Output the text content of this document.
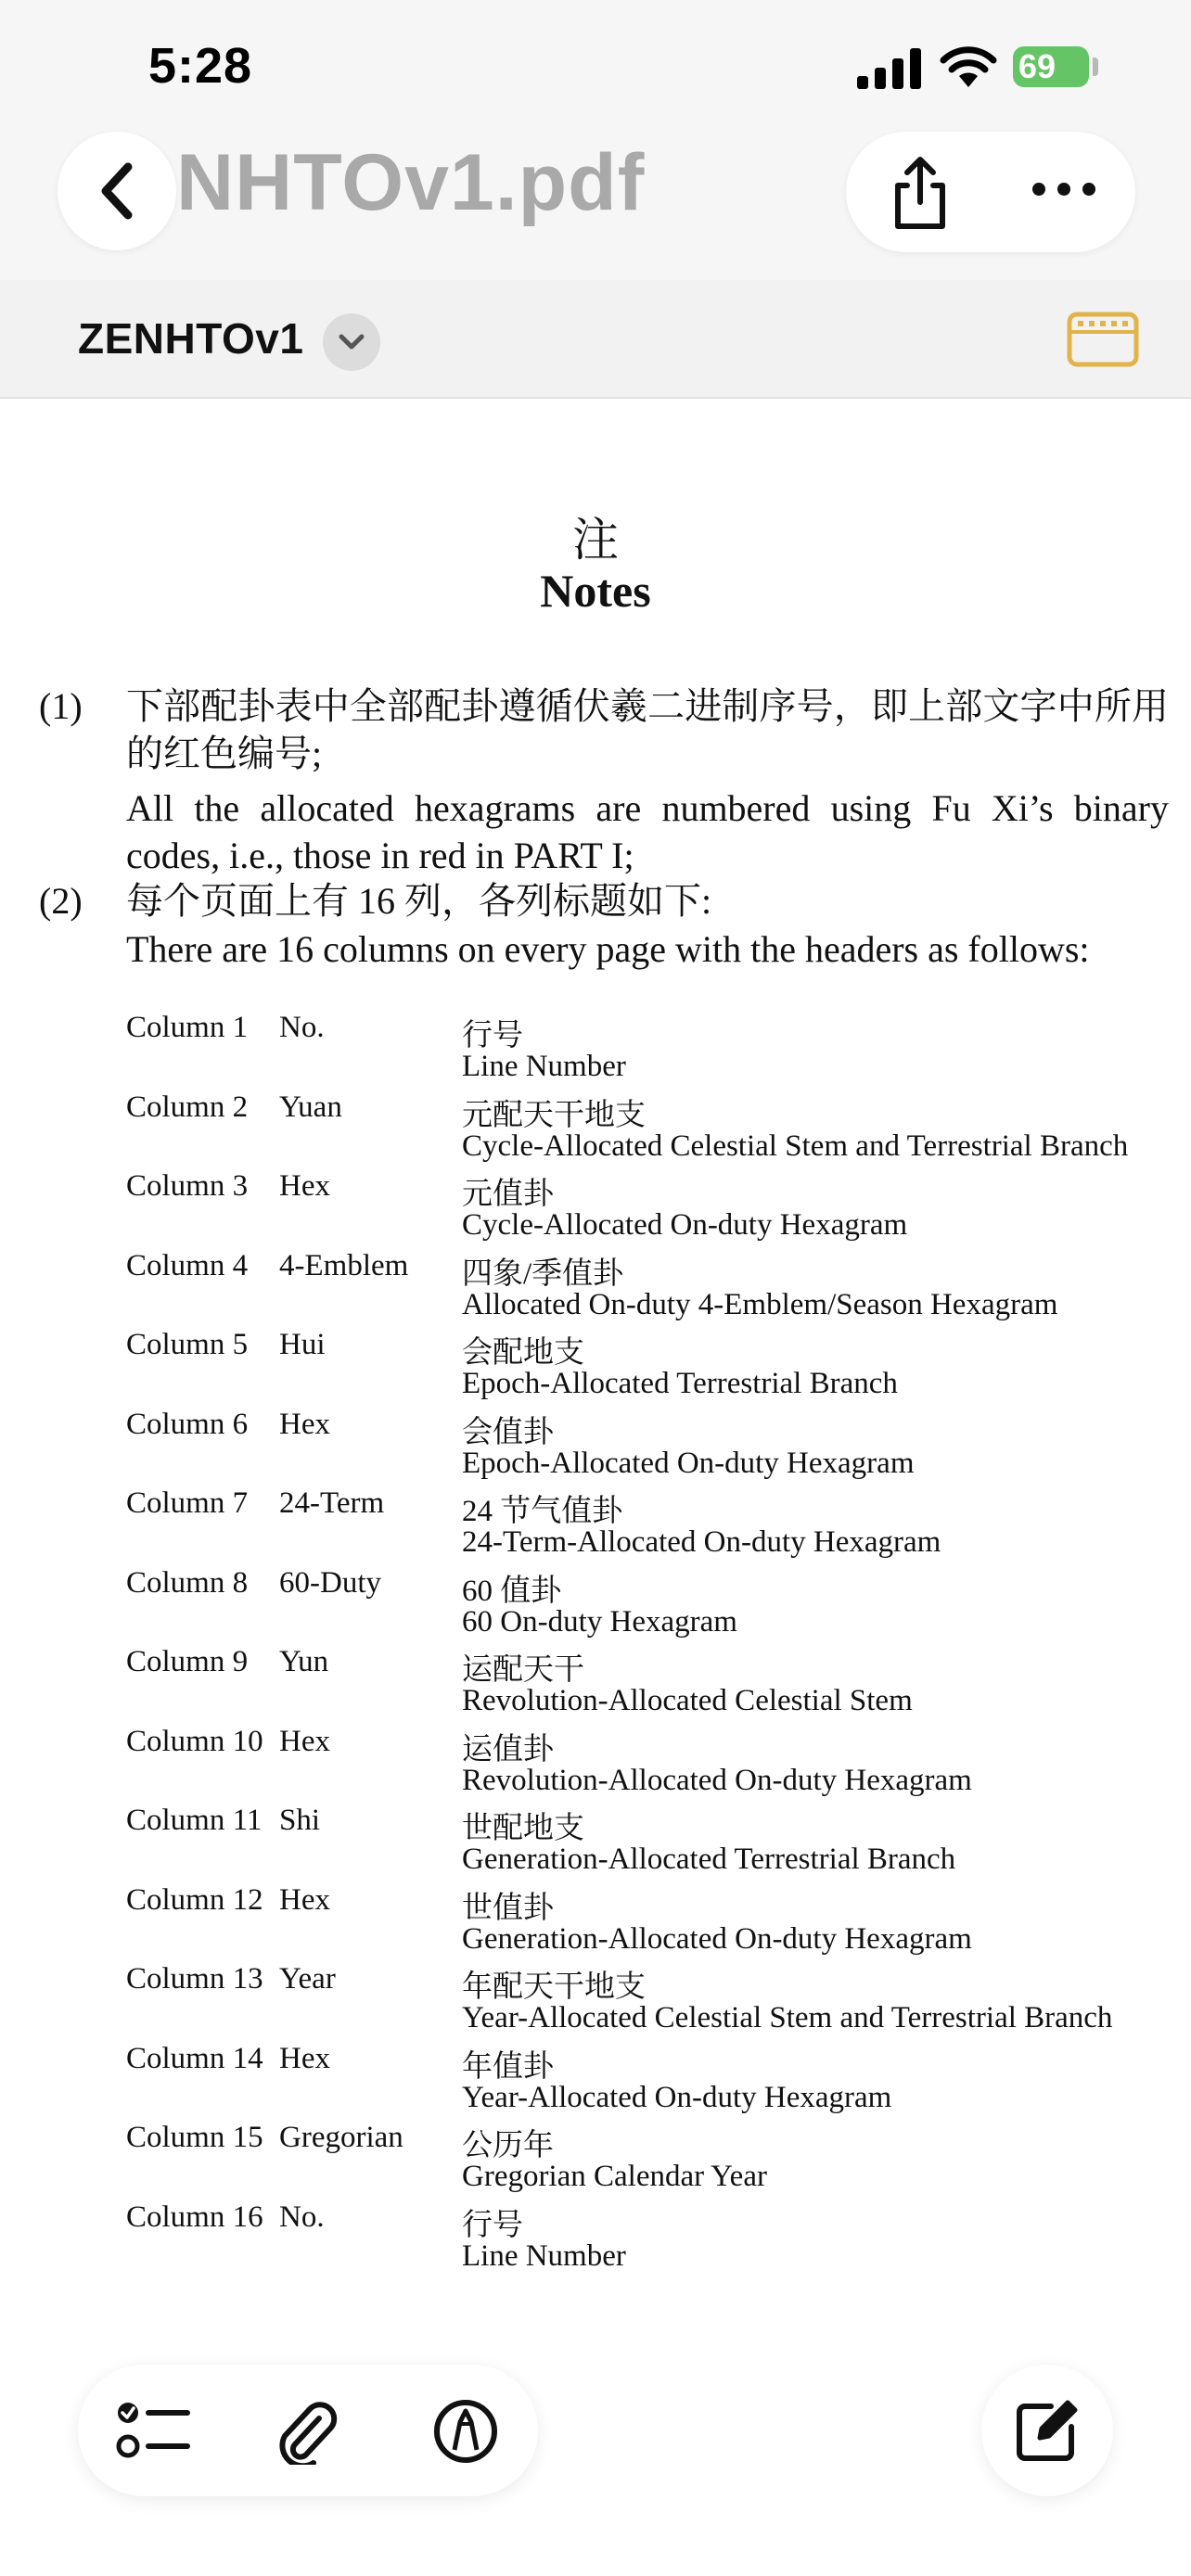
5:28	69
NHTOv1.pdf
ZENHTOv1
注
Notes
(1) 下部配卦表中全部配卦遵循伏羲二进制序号，即上部文字中所用的红色编号;
All the allocated hexagrams are numbered using Fu Xi’s binary codes, i.e., those in red in PART I;
(2) 每个页面上有 16 列，各列标题如下:
There are 16 columns on every page with the headers as follows:
Column 1 No.	行号
Line Number
Column 2 Yuan	元配天干地支
Cycle-Allocated Celestial Stem and Terrestrial Branch
Column 3 Hex	元值卦
Cycle-Allocated On-duty Hexagram
Column 4 4-Emblem 四象/季值卦
Allocated On-duty 4-Emblem/Season Hexagram
Column 5 Hui	会配地支
Epoch-Allocated Terrestrial Branch
Column 6 Hex	会值卦
Epoch-Allocated On-duty Hexagram
Column 7 24-Term	24 节气值卦
24-Term-Allocated On-duty Hexagram
Column 8 60-Duty	60 值卦
60 On-duty Hexagram
Column 9 Yun	运配天干
Revolution-Allocated Celestial Stem
Column 10 Hex	运值卦
Revolution-Allocated On-duty Hexagram
Column 11 Shi	世配地支
Generation-Allocated Terrestrial Branch
Column 12 Hex	世值卦
Generation-Allocated On-duty Hexagram
Column 13 Year	年配天干地支
Year-Allocated Celestial Stem and Terrestrial Branch
Column 14 Hex	年值卦
Year-Allocated On-duty Hexagram
Column 15 Gregorian 公历年
Gregorian Calendar Year
Column 16 No.	行号
Line Number
